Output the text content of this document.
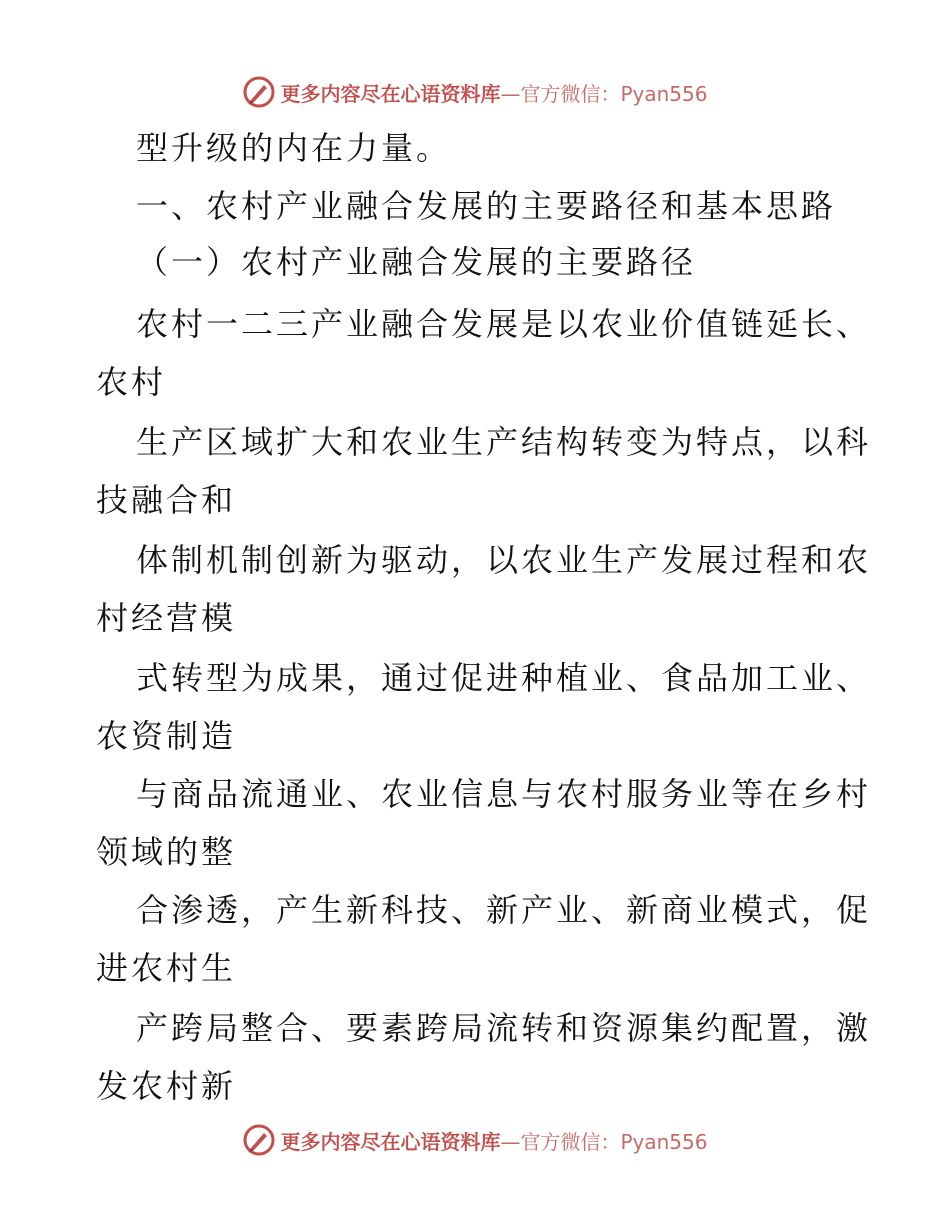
更多内容尽在心语资料库—官方微信：Pyan556
型升级的内在力量。
一、农村产业融合发展的主要路径和基本思路
（一）农村产业融合发展的主要路径
农村一二三产业融合发展是以农业价值链延长、
农村
生产区域扩大和农业生产结构转变为特点，以科
技融合和
体制机制创新为驱动，以农业生产发展过程和农
村经营模
式转型为成果，通过促进种植业、食品加工业、
农资制造
与商品流通业、农业信息与农村服务业等在乡村
领域的整
合渗透，产生新科技、新产业、新商业模式，促
进农村生
产跨局整合、要素跨局流转和资源集约配置，激
发农村新
更多内容尽在心语资料库—官方微信：Pyan556
